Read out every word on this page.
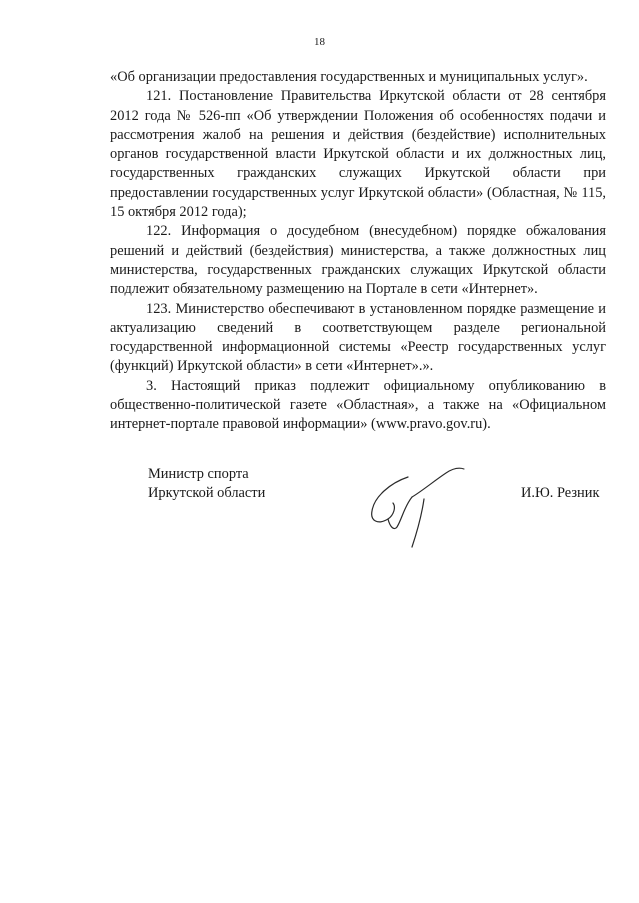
18

«Об организации предоставления государственных и муниципальных услуг».

121. Постановление Правительства Иркутской области от 28 сентября 2012 года № 526-пп «Об утверждении Положения об особенностях подачи и рассмотрения жалоб на решения и действия (бездействие) исполнительных органов государственной власти Иркутской области и их должностных лиц, государственных гражданских служащих Иркутской области при предоставлении государственных услуг Иркутской области» (Областная, № 115, 15 октября 2012 года);

122. Информация о досудебном (внесудебном) порядке обжалования решений и действий (бездействия) министерства, а также должностных лиц министерства, государственных гражданских служащих Иркутской области подлежит обязательному размещению на Портале в сети «Интернет».

123. Министерство обеспечивают в установленном порядке размещение и актуализацию сведений в соответствующем разделе региональной государственной информационной системы «Реестр государственных услуг (функций) Иркутской области» в сети «Интернет».».

3. Настоящий приказ подлежит официальному опубликованию в общественно-политической газете «Областная», а также на «Официальном интернет-портале правовой информации» (www.pravo.gov.ru).

Министр спорта
Иркутской области	И.Ю. Резник
